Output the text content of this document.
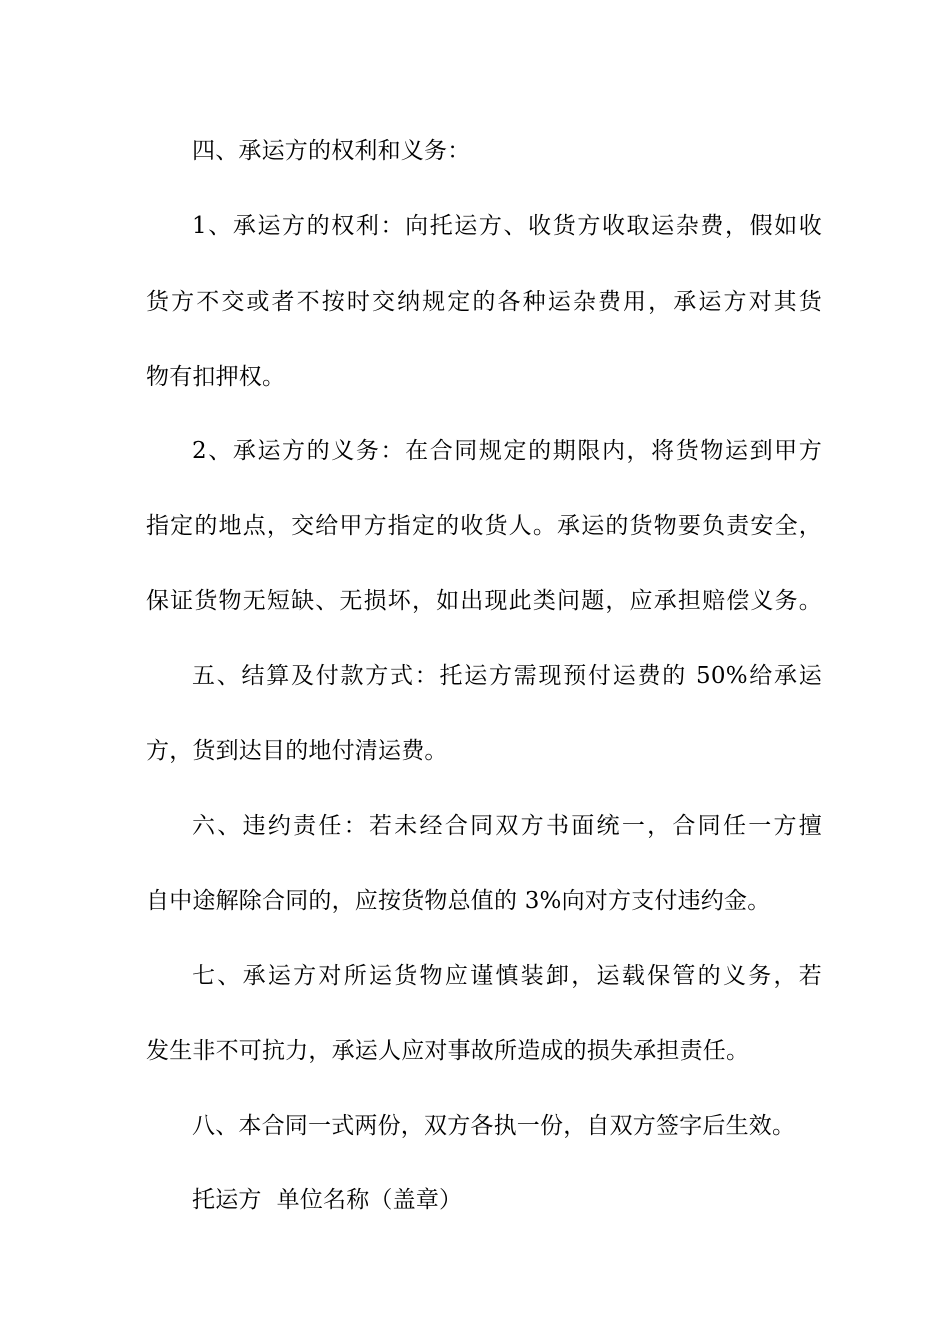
四、承运方的权利和义务：
1、承运方的权利：向托运方、收货方收取运杂费，假如收
货方不交或者不按时交纳规定的各种运杂费用，承运方对其货
物有扣押权。
2、承运方的义务：在合同规定的期限内，将货物运到甲方
指定的地点，交给甲方指定的收货人。承运的货物要负责安全，
保证货物无短缺、无损坏，如出现此类问题，应承担赔偿义务。
五、结算及付款方式：托运方需现预付运费的 50%给承运
方，货到达目的地付清运费。
六、违约责任：若未经合同双方书面统一，合同任一方擅
自中途解除合同的，应按货物总值的 3%向对方支付违约金。
七、承运方对所运货物应谨慎装卸，运载保管的义务，若
发生非不可抗力，承运人应对事故所造成的损失承担责任。
八、本合同一式两份，双方各执一份，自双方签字后生效。
托运方  单位名称（盖章）
